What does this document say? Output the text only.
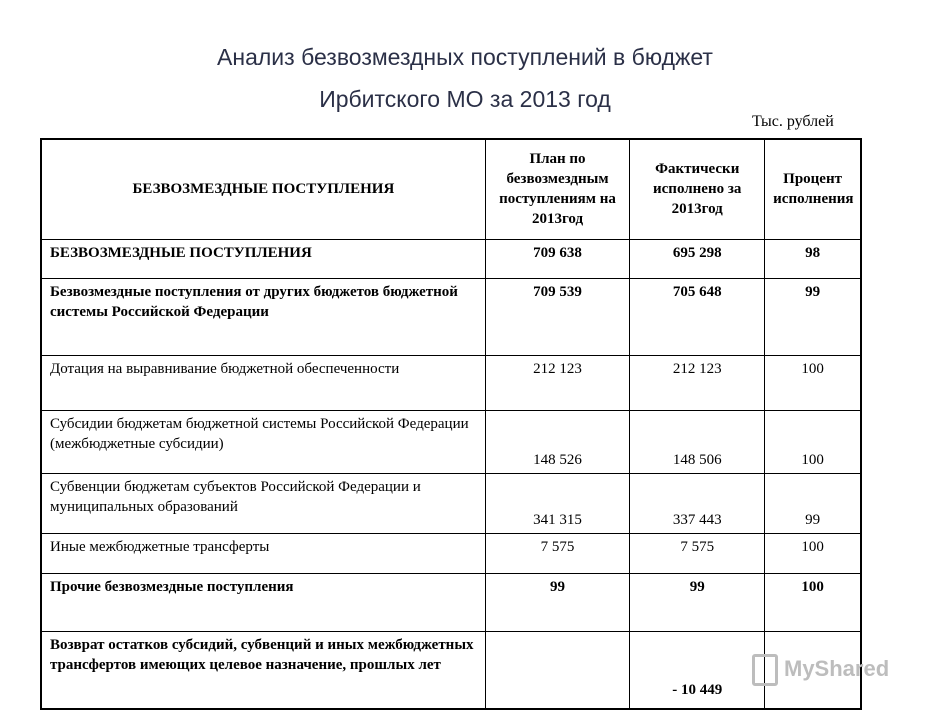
Анализ безвозмездных поступлений в бюджет
Ирбитского МО за 2013 год
Тыс. рублей
БЕЗВОЗМЕЗДНЫЕ ПОСТУПЛЕНИЯ	План по безвозмездным поступлениям на 2013год	Фактически исполнено за 2013год	Процент исполнения
БЕЗВОЗМЕЗДНЫЕ ПОСТУПЛЕНИЯ	709 638	695 298	98
Безвозмездные поступления от других бюджетов бюджетной системы Российской Федерации	709 539	705 648	99
Дотация на выравнивание бюджетной обеспеченности	212 123	212 123	100
Субсидии бюджетам бюджетной системы Российской Федерации (межбюджетные субсидии)	148 526	148 506	100
Субвенции бюджетам субъектов Российской Федерации и муниципальных образований	341 315	337 443	99
Иные межбюджетные трансферты	7 575	7 575	100
Прочие безвозмездные поступления	99	99	100
Возврат остатков субсидий, субвенций и иных межбюджетных трансфертов имеющих целевое назначение, прошлых лет		- 10 449	
MyShared
